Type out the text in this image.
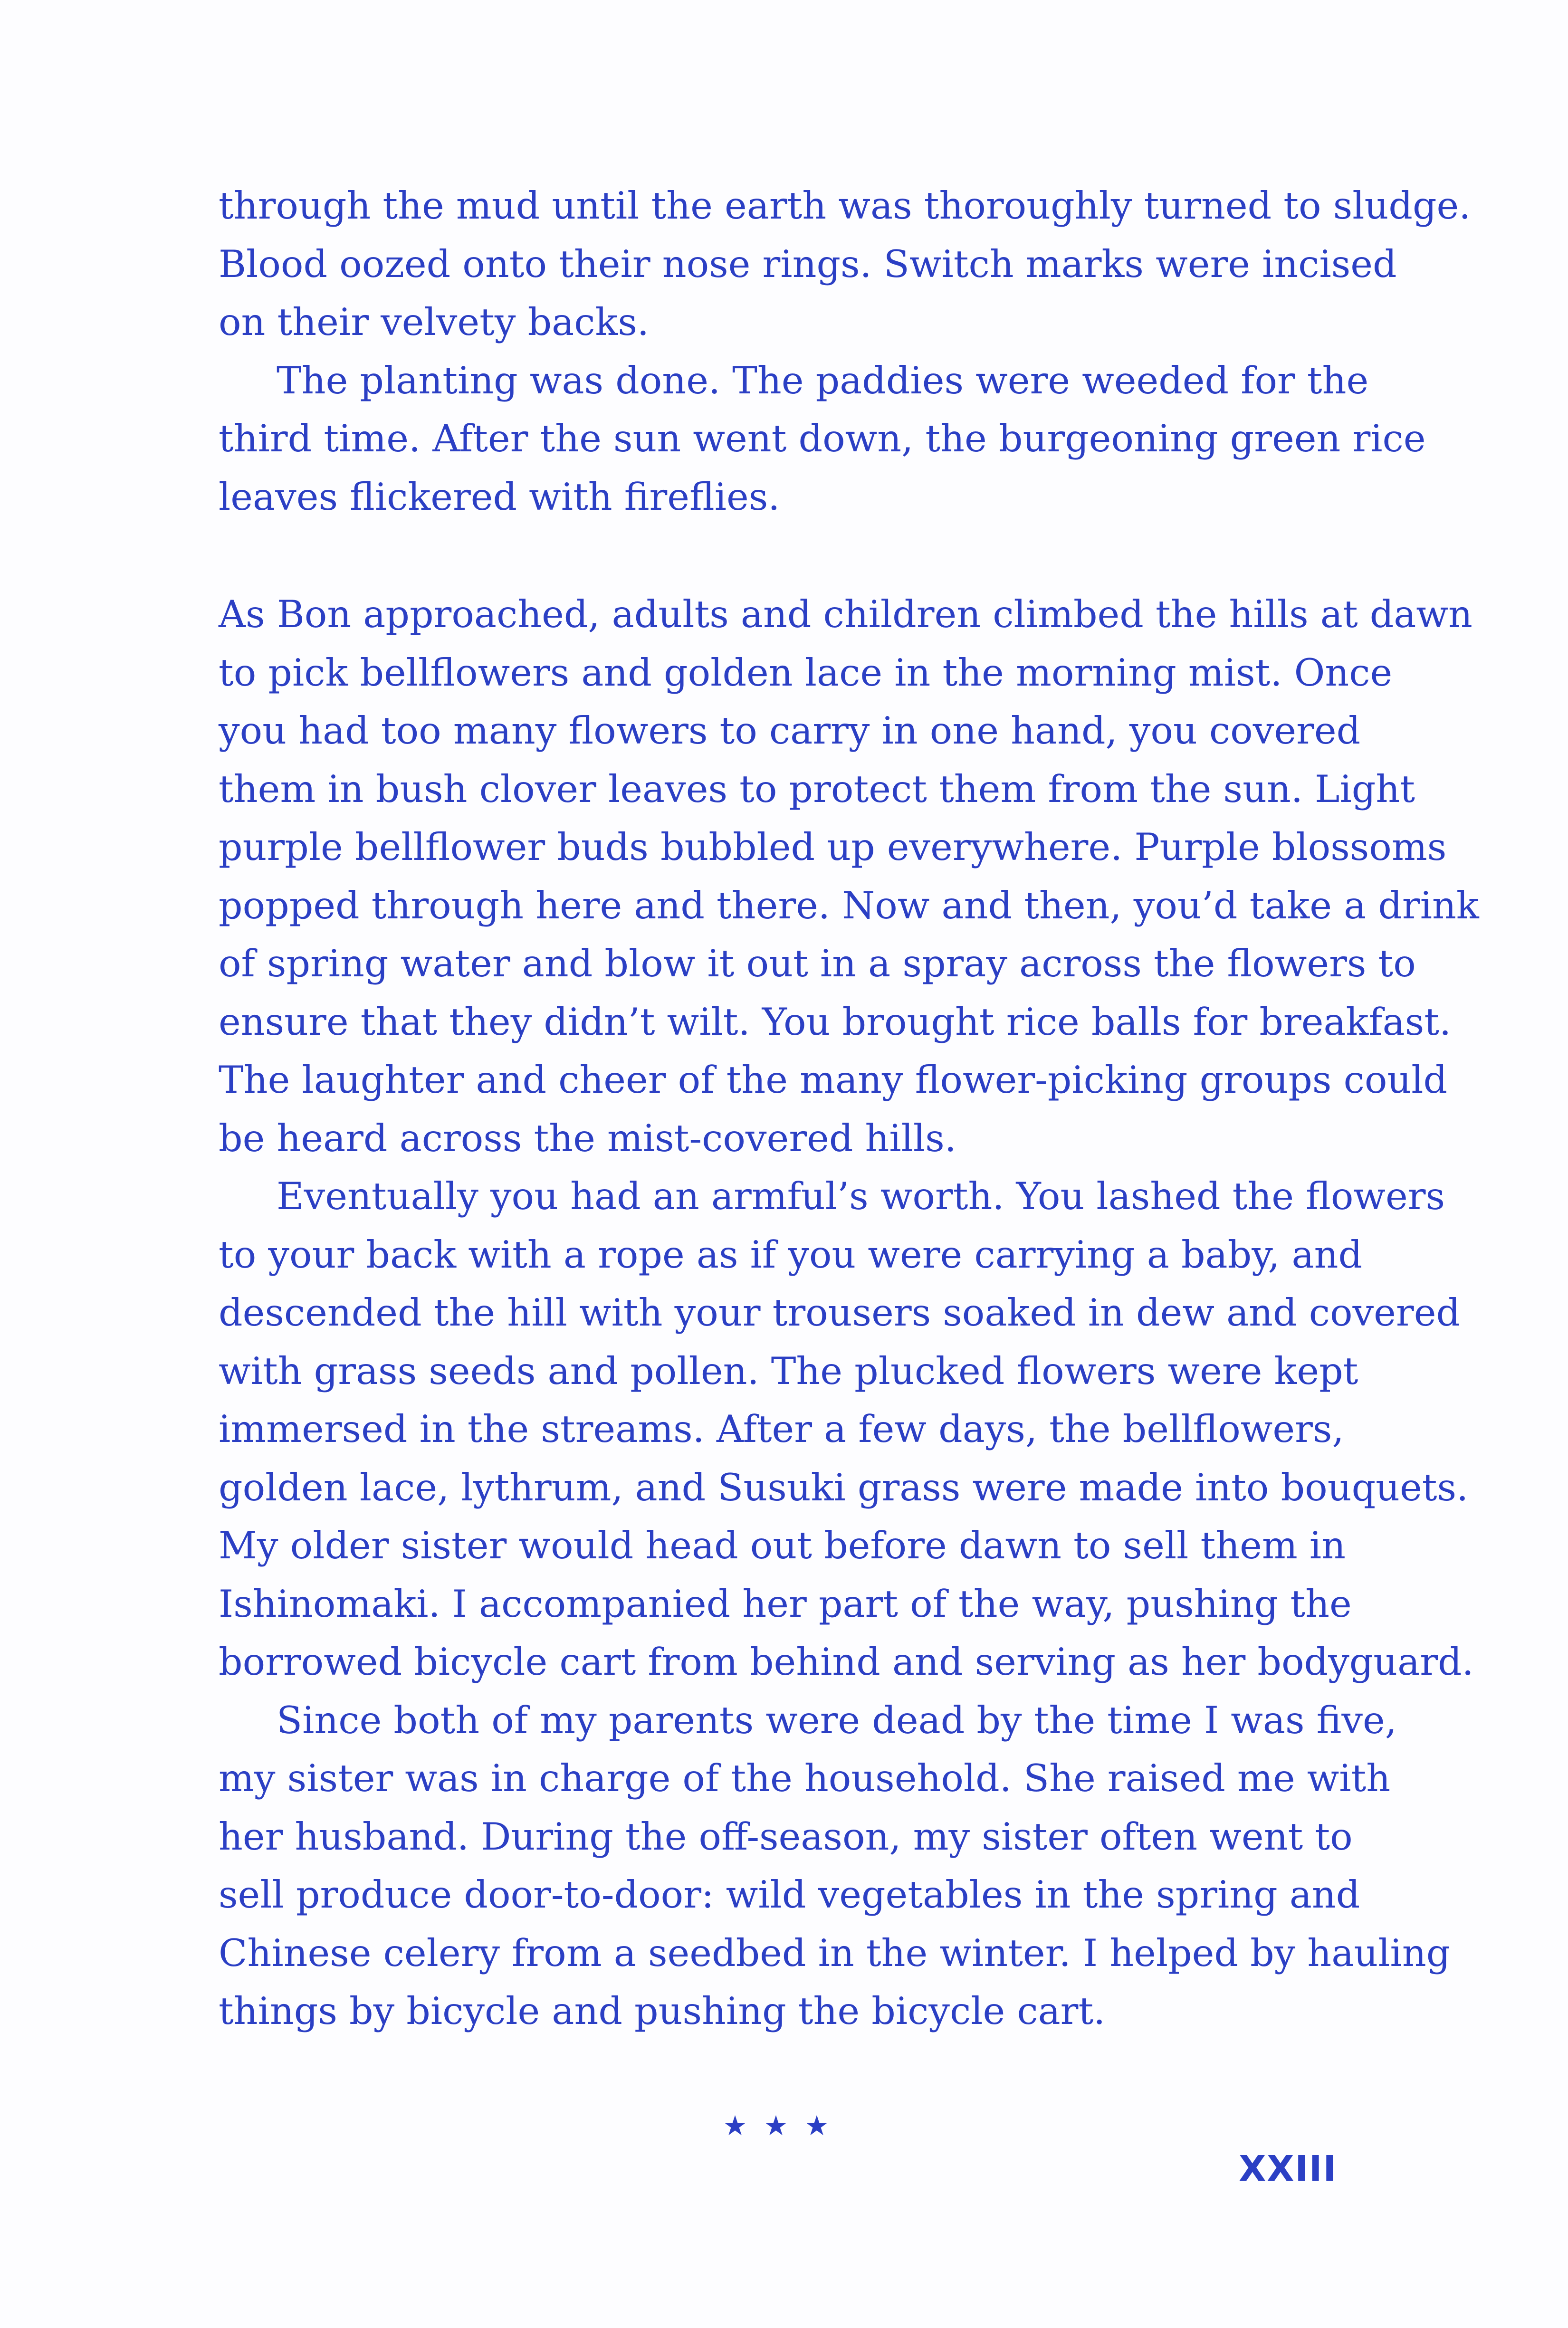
through the mud until the earth was thoroughly turned to sludge.
Blood oozed onto their nose rings. Switch marks were incised
on their velvety backs.

The planting was done. The paddies were weeded for the
third time. After the sun went down, the burgeoning green rice
leaves flickered with fireflies.

As Bon approached, adults and children climbed the hills at dawn
to pick bellflowers and golden lace in the morning mist. Once
you had too many flowers to carry in one hand, you covered
them in bush clover leaves to protect them from the sun. Light
purple bellflower buds bubbled up everywhere. Purple blossoms
popped through here and there. Now and then, you’d take a drink
of spring water and blow it out in a spray across the flowers to
ensure that they didn’t wilt. You brought rice balls for breakfast.
The laughter and cheer of the many flower-picking groups could
be heard across the mist-covered hills.

Eventually you had an armful’s worth. You lashed the flowers
to your back with a rope as if you were carrying a baby, and
descended the hill with your trousers soaked in dew and covered
with grass seeds and pollen. The plucked flowers were kept
immersed in the streams. After a few days, the bellflowers,
golden lace, lythrum, and Susuki grass were made into bouquets.
My older sister would head out before dawn to sell them in
Ishinomaki. I accompanied her part of the way, pushing the
borrowed bicycle cart from behind and serving as her bodyguard.

Since both of my parents were dead by the time I was five,
my sister was in charge of the household. She raised me with
her husband. During the off-season, my sister often went to
sell produce door-to-door: wild vegetables in the spring and
Chinese celery from a seedbed in the winter. I helped by hauling
things by bicycle and pushing the bicycle cart.

★★★
XXIII
